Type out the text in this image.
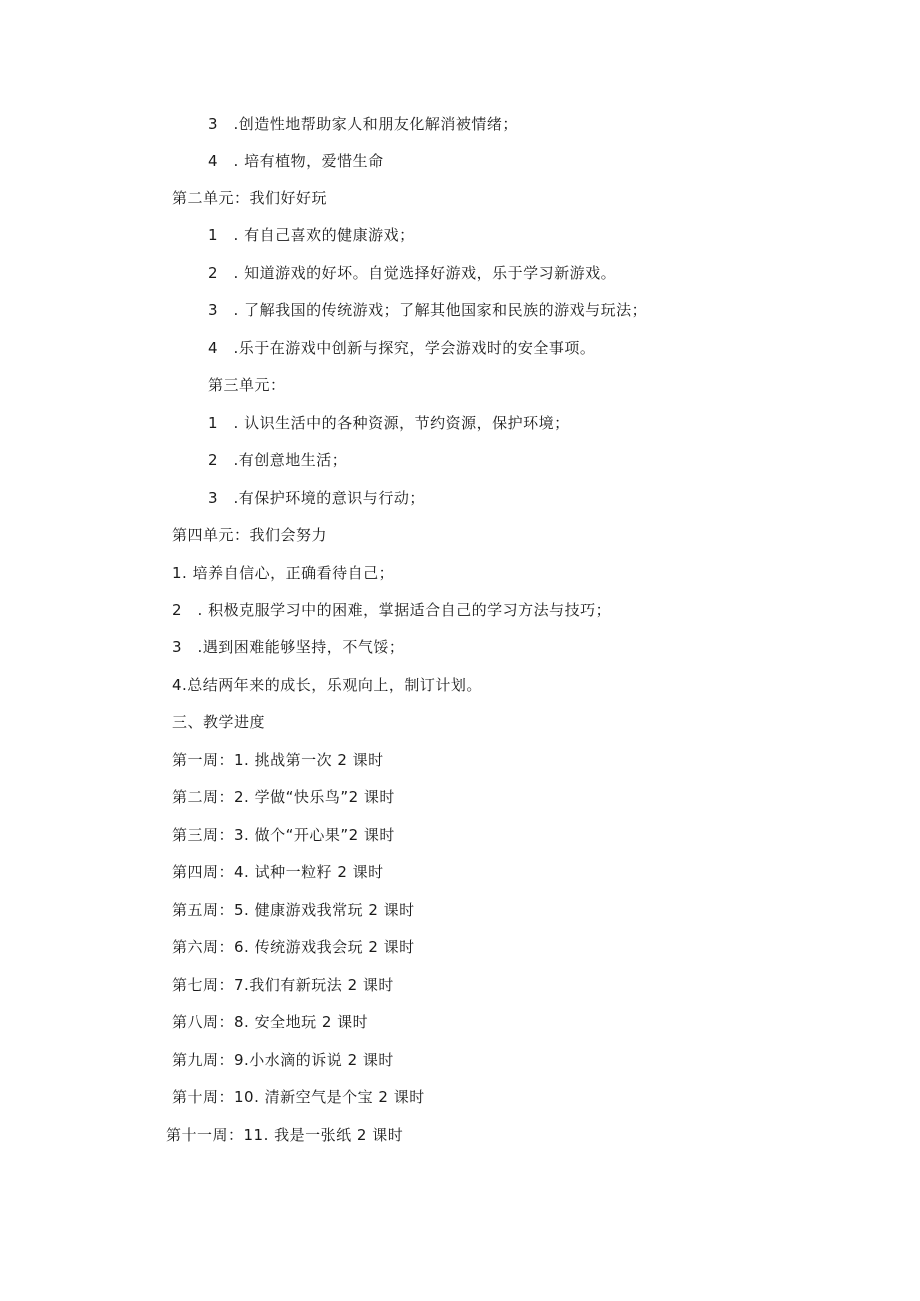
3　.创造性地帮助家人和朋友化解消被情绪；
4　. 培有植物，爱惜生命
第二单元：我们好好玩
1　. 有自己喜欢的健康游戏；
2　. 知道游戏的好坏。自觉选择好游戏，乐于学习新游戏。
3　. 了解我国的传统游戏；了解其他国家和民族的游戏与玩法；
4　.乐于在游戏中创新与探究，学会游戏时的安全事项。
第三单元：
1　. 认识生活中的各种资源，节约资源，保护环境；
2　.有创意地生活；
3　.有保护环境的意识与行动；
第四单元：我们会努力
1. 培养自信心，正确看待自己；
2　. 积极克服学习中的困难，掌据适合自己的学习方法与技巧；
3　.遇到困难能够坚持，不气馁；
4.总结两年来的成长，乐观向上，制订计划。
三、教学进度
第一周：1. 挑战第一次 2 课时
第二周：2. 学做“快乐鸟”2 课时
第三周：3. 做个“开心果”2 课时
第四周：4. 试种一粒籽 2 课时
第五周：5. 健康游戏我常玩 2 课时
第六周：6. 传统游戏我会玩 2 课时
第七周：7.我们有新玩法 2 课时
第八周：8. 安全地玩 2 课时
第九周：9.小水滴的诉说 2 课时
第十周：10. 清新空气是个宝 2 课时
第十一周：11. 我是一张纸 2 课时
